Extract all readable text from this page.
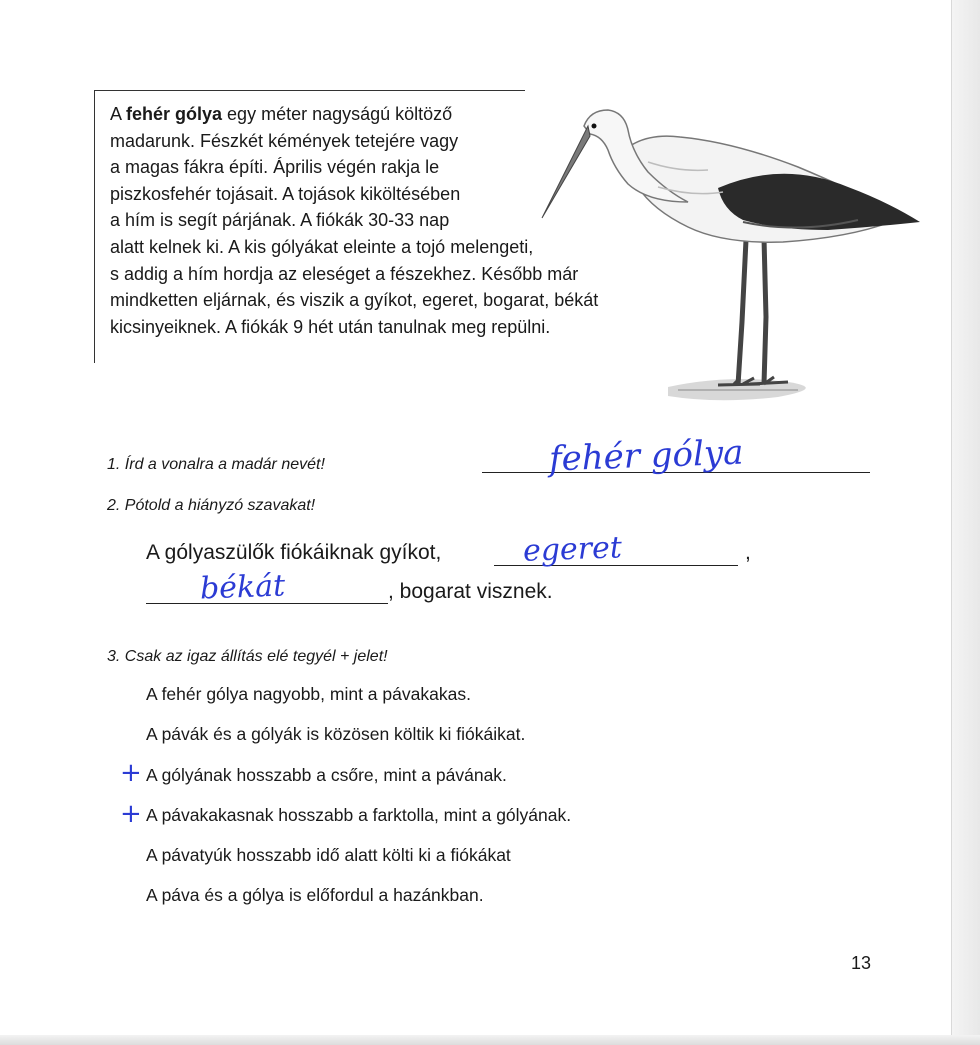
A fehér gólya egy méter nagyságú költöző
madarunk. Fészkét kémények tetejére vagy
a magas fákra építi. Április végén rakja le
piszkosfehér tojásait. A tojások kiköltésében
a hím is segít párjának. A fiókák 30-33 nap
alatt kelnek ki. A kis gólyákat eleinte a tojó melengeti,
s addig a hím hordja az eleséget a fészekhez. Később már
mindketten eljárnak, és viszik a gyíkot, egeret, bogarat, békát
kicsinyeiknek. A fiókák 9 hét után tanulnak meg repülni.
1. Írd a vonalra a madár nevét!	fehér gólya
2. Pótold a hiányzó szavakat!
A gólyaszülők fiókáiknak gyíkot,	egeret	,
békát	, bogarat visznek.
3. Csak az igaz állítás elé tegyél + jelet!
A fehér gólya nagyobb, mint a pávakakas.
A pávák és a gólyák is közösen költik ki fiókáikat.
+ A gólyának hosszabb a csőre, mint a pávának.
+ A pávakakasnak hosszabb a farktolla, mint a gólyának.
A pávatyúk hosszabb idő alatt költi ki a fiókákat
A páva és a gólya is előfordul a hazánkban.
13
